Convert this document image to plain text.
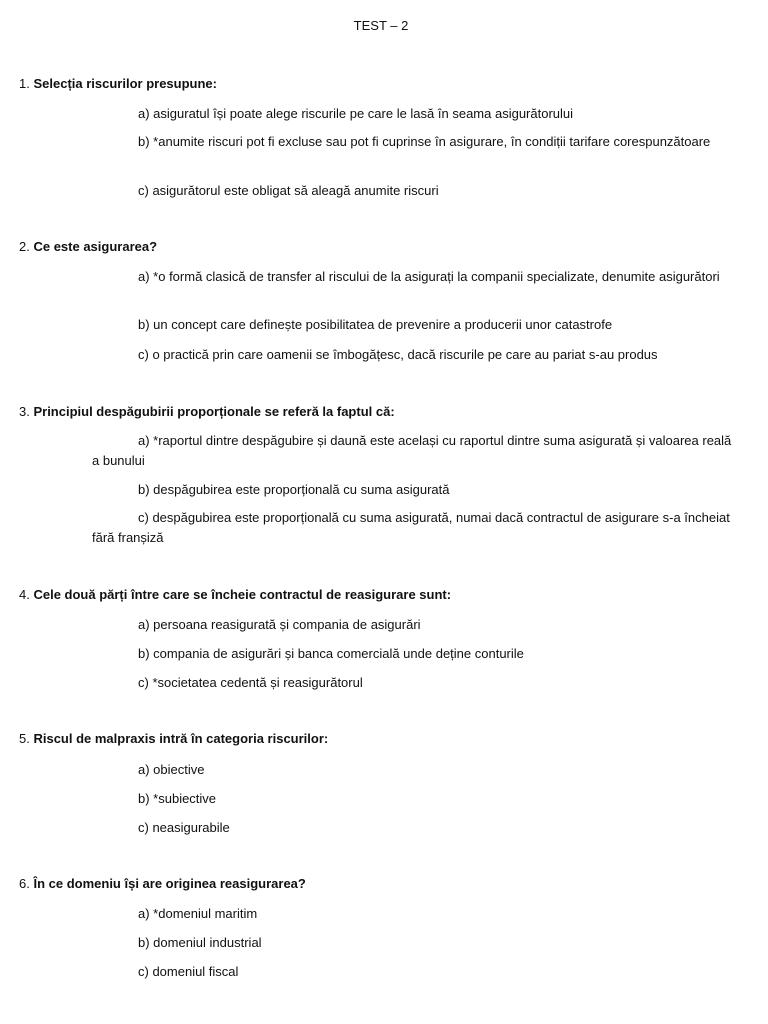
TEST – 2
1. Selecția riscurilor presupune:
a) asiguratul își poate alege riscurile pe care le lasă în seama asigurătorului
b) *anumite riscuri pot fi excluse sau pot fi cuprinse în asigurare, în condiții tarifare corespunzătoare
c) asigurătorul este obligat să aleagă anumite riscuri
2. Ce este asigurarea?
a) *o formă clasică de transfer al riscului de la asigurați la companii specializate, denumite asigurători
b) un concept care definește posibilitatea de prevenire a producerii unor catastrofe
c) o practică prin care oamenii se îmbogățesc, dacă riscurile pe care au pariat s-au produs
3. Principiul despăgubirii proporționale se referă la faptul că:
a) *raportul dintre despăgubire și daună este același cu raportul dintre suma asigurată și valoarea reală a bunului
b) despăgubirea este proporțională cu suma asigurată
c) despăgubirea este proporțională cu suma asigurată, numai dacă contractul de asigurare s-a încheiat fără franșiză
4. Cele două părți între care se încheie contractul de reasigurare sunt:
a) persoana reasigurată și compania de asigurări
b) compania de asigurări și banca comercială unde deține conturile
c) *societatea cedentă și reasigurătorul
5. Riscul de malpraxis intră în categoria riscurilor:
a) obiective
b) *subiective
c) neasigurabile
6. În ce domeniu își are originea reasigurarea?
a) *domeniul maritim
b) domeniul industrial
c) domeniul fiscal
